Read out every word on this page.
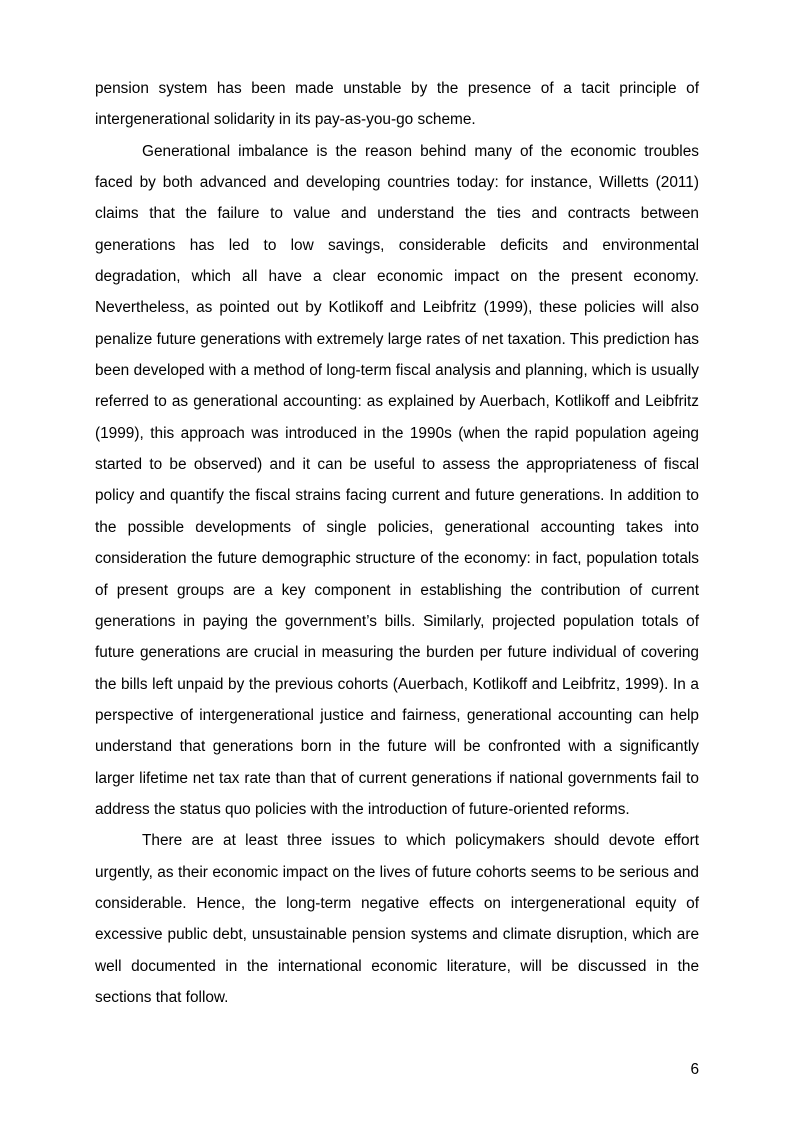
pension system has been made unstable by the presence of a tacit principle of intergenerational solidarity in its pay-as-you-go scheme.

Generational imbalance is the reason behind many of the economic troubles faced by both advanced and developing countries today: for instance, Willetts (2011) claims that the failure to value and understand the ties and contracts between generations has led to low savings, considerable deficits and environmental degradation, which all have a clear economic impact on the present economy. Nevertheless, as pointed out by Kotlikoff and Leibfritz (1999), these policies will also penalize future generations with extremely large rates of net taxation. This prediction has been developed with a method of long-term fiscal analysis and planning, which is usually referred to as generational accounting: as explained by Auerbach, Kotlikoff and Leibfritz (1999), this approach was introduced in the 1990s (when the rapid population ageing started to be observed) and it can be useful to assess the appropriateness of fiscal policy and quantify the fiscal strains facing current and future generations. In addition to the possible developments of single policies, generational accounting takes into consideration the future demographic structure of the economy: in fact, population totals of present groups are a key component in establishing the contribution of current generations in paying the government’s bills. Similarly, projected population totals of future generations are crucial in measuring the burden per future individual of covering the bills left unpaid by the previous cohorts (Auerbach, Kotlikoff and Leibfritz, 1999). In a perspective of intergenerational justice and fairness, generational accounting can help understand that generations born in the future will be confronted with a significantly larger lifetime net tax rate than that of current generations if national governments fail to address the status quo policies with the introduction of future-oriented reforms.

There are at least three issues to which policymakers should devote effort urgently, as their economic impact on the lives of future cohorts seems to be serious and considerable. Hence, the long-term negative effects on intergenerational equity of excessive public debt, unsustainable pension systems and climate disruption, which are well documented in the international economic literature, will be discussed in the sections that follow.

6
